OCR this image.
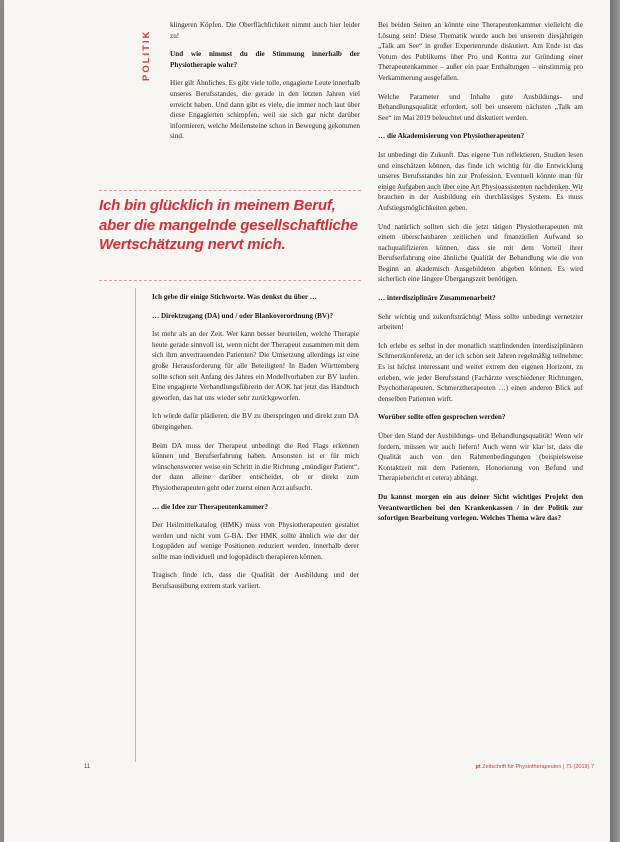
POLITIK

klingeren Köpfen. Die Oberflächlichkeit nimmt auch hier leider zu!

Und wie nimmst du die Stimmung innerhalb der Physiotherapie wahr?

Hier gilt Ähnliches. Es gibt viele tolle, engagierte Leute innerhalb unseres Berufsstandes, die gerade in den letzten Jahren viel erreicht haben. Und dann gibt es viele, die immer noch laut über diese Engagierten schimpfen, weil sie sich gar nicht darüber informieren, welche Meilensteine schon in Bewegung gekommen sind.

Ich bin glücklich in meinem Beruf, aber die mangelnde gesellschaftliche Wertschätzung nervt mich.

Ich gebe dir einige Stichworte. Was denkst du über …

… Direktzugang (DA) und / oder Blankoverordnung (BV)?

Ist mehr als an der Zeit. Wer kann besser beurteilen, welche Therapie heute gerade sinnvoll ist, wenn nicht der Therapeut zusammen mit dem sich ihm anvertrauenden Patienten? Die Umsetzung allerdings ist eine große Herausforderung für alle Beteiligten! In Baden Württemberg sollte schon seit Anfang des Jahres ein Modellvorhaben zur BV laufen. Eine engagierte Verhandlungsführerin der AOK hat jetzt das Handtuch geworfen, das hat uns wieder sehr zurückgeworfen.

Ich würde dafür plädieren, die BV zu überspringen und direkt zum DA übergingehen.

Beim DA muss der Therapeut unbedingt die Red Flags erkennen können und Berufserfahrung haben. Ansonsten ist er für mich wünschenswerter weise ein Schritt in die Richtung „mündiger Patient“, der dann alleine darüber entscheidet, ob er direkt zum Physiotherapeuten geht oder zuerst einen Arzt aufsucht.

… die Idee zur Therapeutenkammer?

Der Heilmittelkatalog (HMK) muss von Physiotherapeuten gestaltet werden und nicht vom G-BA. Der HMK sollte ähnlich wie der der Logopäden auf wenige Positionen reduziert werden, innerhalb derer sollte man individuell und logopädisch therapieren können.

Tragisch finde ich, dass die Qualität der Ausbildung und der Berufsausübung extrem stark variiert.

Bei beiden Seiten an könnte eine Therapeutenkammer vielleicht die Lösung sein! Diese Thematik wurde auch bei unserem diesjährigen „Talk am See“ in großer Expertenrunde diskutiert. Am Ende ist das Votum des Publikums über Pro und Kontra zur Gründung einer Therapeutenkammer – außer ein paar Enthaltungen – einstimmig pro Verkammerung ausgefallen.

Welche Parameter und Inhalte gute Ausbildungs- und Behandlungsqualität erfordert, soll bei unserem nächsten „Talk am See“ im Mai 2019 beleuchtet und diskutiert werden.

… die Akademisierung von Physiotherapeuten?

Ist unbedingt die Zukunft. Das eigene Tun reflektieren, Studien lesen und einschätzen können, das finde ich wichtig für die Entwicklung unseres Berufsstandes hin zur Profession. Eventuell könnte man für einige Aufgaben auch über eine Art Physioassistenten nachdenken. Wir brauchen in der Ausbildung ein durchlässiges System. Es muss Aufstiegsmöglichkeiten geben.

Und natürlich sollten sich die jetzt tätigen Physiotherapeuten mit einem überschaubaren zeitlichen und finanziellen Aufwand so nachqualifizieren können, dass sie mit dem Vorteil ihrer Berufserfahrung eine ähnliche Qualität der Behandlung wie die von Beginn an akademisch Ausgebildeten abgeben können. Es wird sicherlich eine längere Übergangszeit benötigen.

… interdisziplinäre Zusammenarbeit?

Sehr wichtig und zukunftsträchtig! Muss sollte unbedingt vernetzter arbeiten!

Ich erlebe es selbst in der monatlich stattfindenden interdisziplinären Schmerzkonferenz, an der ich schon seit Jahren regelmäßig teilnehme: Es ist höchst interessant und weitet extrem den eigenen Horizont, zu erleben, wie jeder Berufsstand (Fachärzte verschiedener Richtungen, Psychotherapeuten, Schmerztherapeuten …) einen anderen Blick auf denselben Patienten wirft.

Worüber sollte offen gesprochen werden?

Über den Stand der Ausbildungs- und Behandlungsqualität! Wenn wir fordern, müssen wir auch liefern! Auch wenn wir klar ist, dass die Qualität auch von den Rahmenbedingungen (beispielsweise Kontaktzeit mit dem Patienten, Honorierung von Befund und Therapiebericht et cetera) abhängt.

Du kannst morgen ein aus deiner Sicht wichtiges Projekt den Verantwortlichen bei den Krankenkassen / in der Politik zur sofortigen Bearbeitung vorlegen. Welches Thema wäre das?

11	pt Zeitschrift für Physiotherapeuten | 71 (2019) 7
